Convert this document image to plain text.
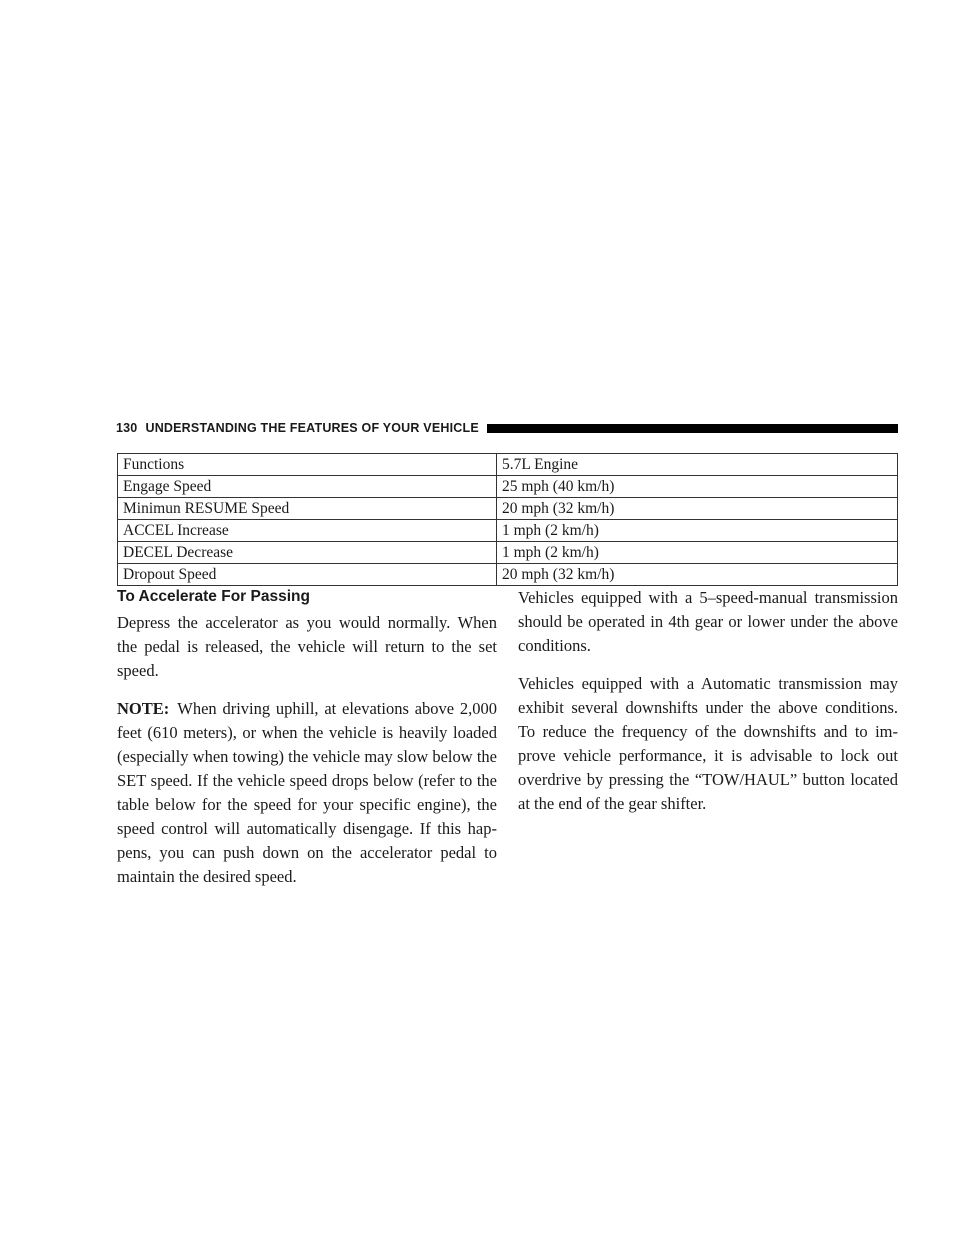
130 UNDERSTANDING THE FEATURES OF YOUR VEHICLE
Functions	5.7L Engine
Engage Speed	25 mph (40 km/h)
Minimun RESUME Speed	20 mph (32 km/h)
ACCEL Increase	1 mph (2 km/h)
DECEL Decrease	1 mph (2 km/h)
Dropout Speed	20 mph (32 km/h)
To Accelerate For Passing

Depress the accelerator as you would normally. When the pedal is released, the vehicle will return to the set speed.

NOTE: When driving uphill, at elevations above 2,000 feet (610 meters), or when the vehicle is heavily loaded (especially when towing) the vehicle may slow below the SET speed. If the vehicle speed drops below (refer to the table below for the speed for your specific engine), the speed control will automatically disengage. If this hap-pens, you can push down on the accelerator pedal to maintain the desired speed.

Vehicles equipped with a 5–speed-manual transmission should be operated in 4th gear or lower under the above conditions.

Vehicles equipped with a Automatic transmission may exhibit several downshifts under the above conditions. To reduce the frequency of the downshifts and to im-prove vehicle performance, it is advisable to lock out overdrive by pressing the “TOW/HAUL” button located at the end of the gear shifter.
